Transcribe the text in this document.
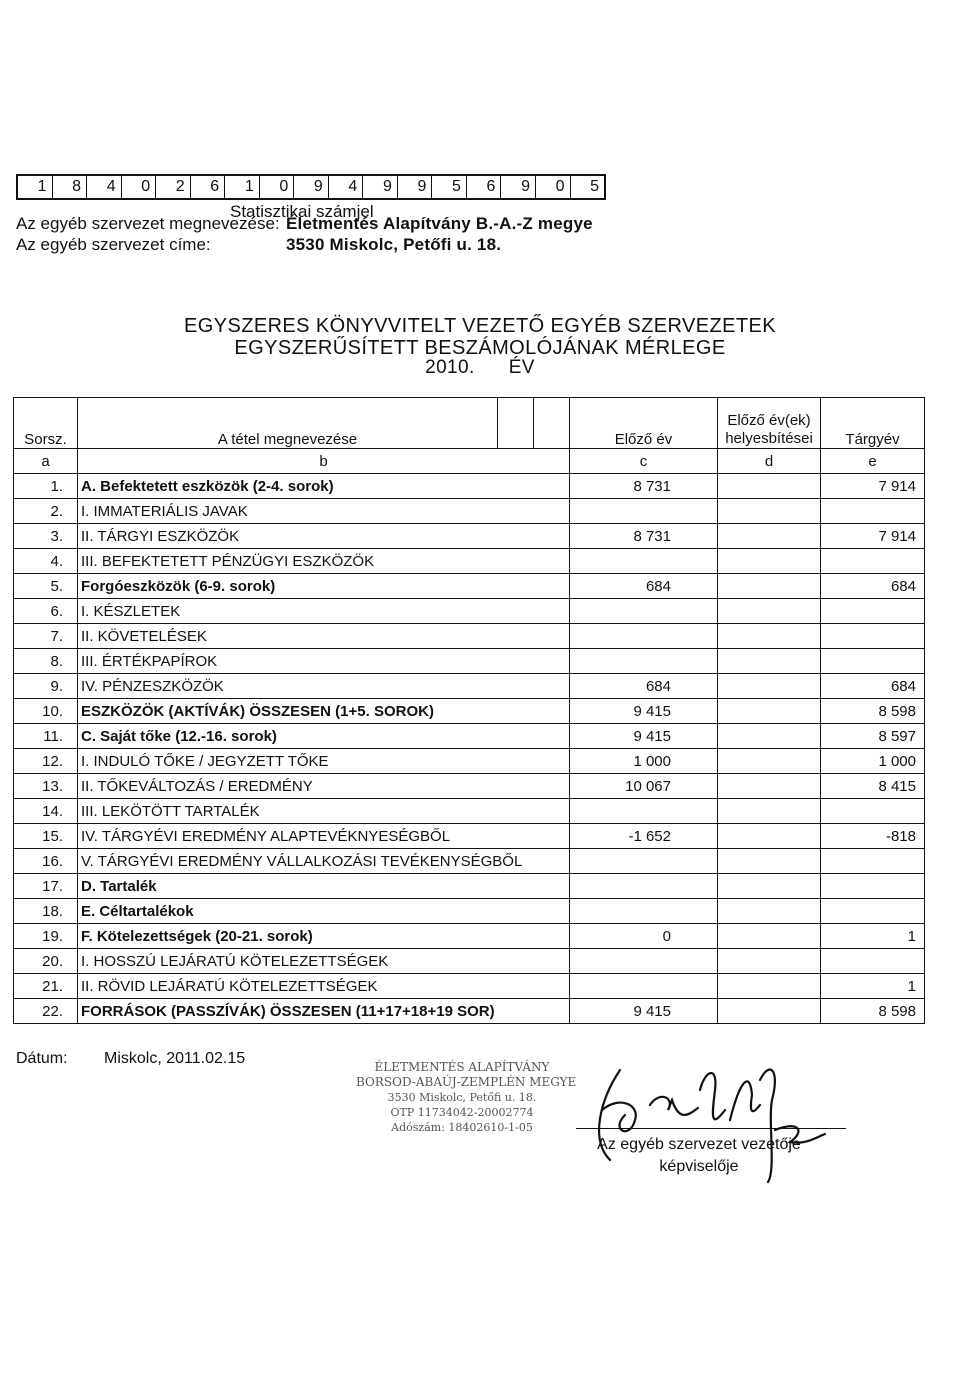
1	8	4	0	2	6	1	0	9	4	9	9	5	6	9	0	5
Statisztikai számjel
Az egyéb szervezet megnevezése: Életmentés Alapítvány B.-A.-Z megye
Az egyéb szervezet címe:	3530 Miskolc, Petőfi u. 18.
EGYSZERES KÖNYVVITELT VEZETŐ EGYÉB SZERVEZETEK
EGYSZERŰSÍTETT BESZÁMOLÓJÁNAK MÉRLEGE
2010. ÉV
Sorsz.	A tétel megnevezése			Előző év	Előző év(ek)
helyesbítései	Tárgyév
a	b			c	d	e
1.	A. Befektetett eszközök (2-4. sorok)			8 731		7 914
2.	I. IMMATERIÁLIS JAVAK					
3.	II. TÁRGYI ESZKÖZÖK			8 731		7 914
4.	III. BEFEKTETETT PÉNZÜGYI ESZKÖZÖK					
5.	Forgóeszközök (6-9. sorok)			684		684
6.	I. KÉSZLETEK					
7.	II. KÖVETELÉSEK					
8.	III. ÉRTÉKPAPÍROK					
9.	IV. PÉNZESZKÖZÖK			684		684
10.	ESZKÖZÖK (AKTÍVÁK) ÖSSZESEN (1+5. SOROK)			9 415		8 598
11.	C. Saját tőke (12.-16. sorok)			9 415		8 597
12.	I. INDULÓ TŐKE / JEGYZETT TŐKE			1 000		1 000
13.	II. TŐKEVÁLTOZÁS / EREDMÉNY			10 067		8 415
14.	III. LEKÖTÖTT TARTALÉK					
15.	IV. TÁRGYÉVI EREDMÉNY ALAPTEVÉKNYESÉGBŐL			-1 652		-818
16.	V. TÁRGYÉVI EREDMÉNY VÁLLALKOZÁSI TEVÉKENYSÉGBŐL					
17.	D. Tartalék					
18.	E. Céltartalékok					
19.	F. Kötelezettségek (20-21. sorok)			0		1
20.	I. HOSSZÚ LEJÁRATÚ KÖTELEZETTSÉGEK					
21.	II. RÖVID LEJÁRATÚ KÖTELEZETTSÉGEK					1
22.	FORRÁSOK (PASSZÍVÁK) ÖSSZESEN (11+17+18+19 SOR)			9 415		8 598
Dátum: Miskolc, 2011.02.15	ÉLETMENTÉS ALAPÍTVÁNY
BORSOD-ABAÚJ-ZEMPLÉN MEGYE
3530 Miskolc, Petőfi u. 18.
OTP 11734042-20002774
Adószám: 18402610-1-05
Az egyéb szervezet vezetője
képviselője
